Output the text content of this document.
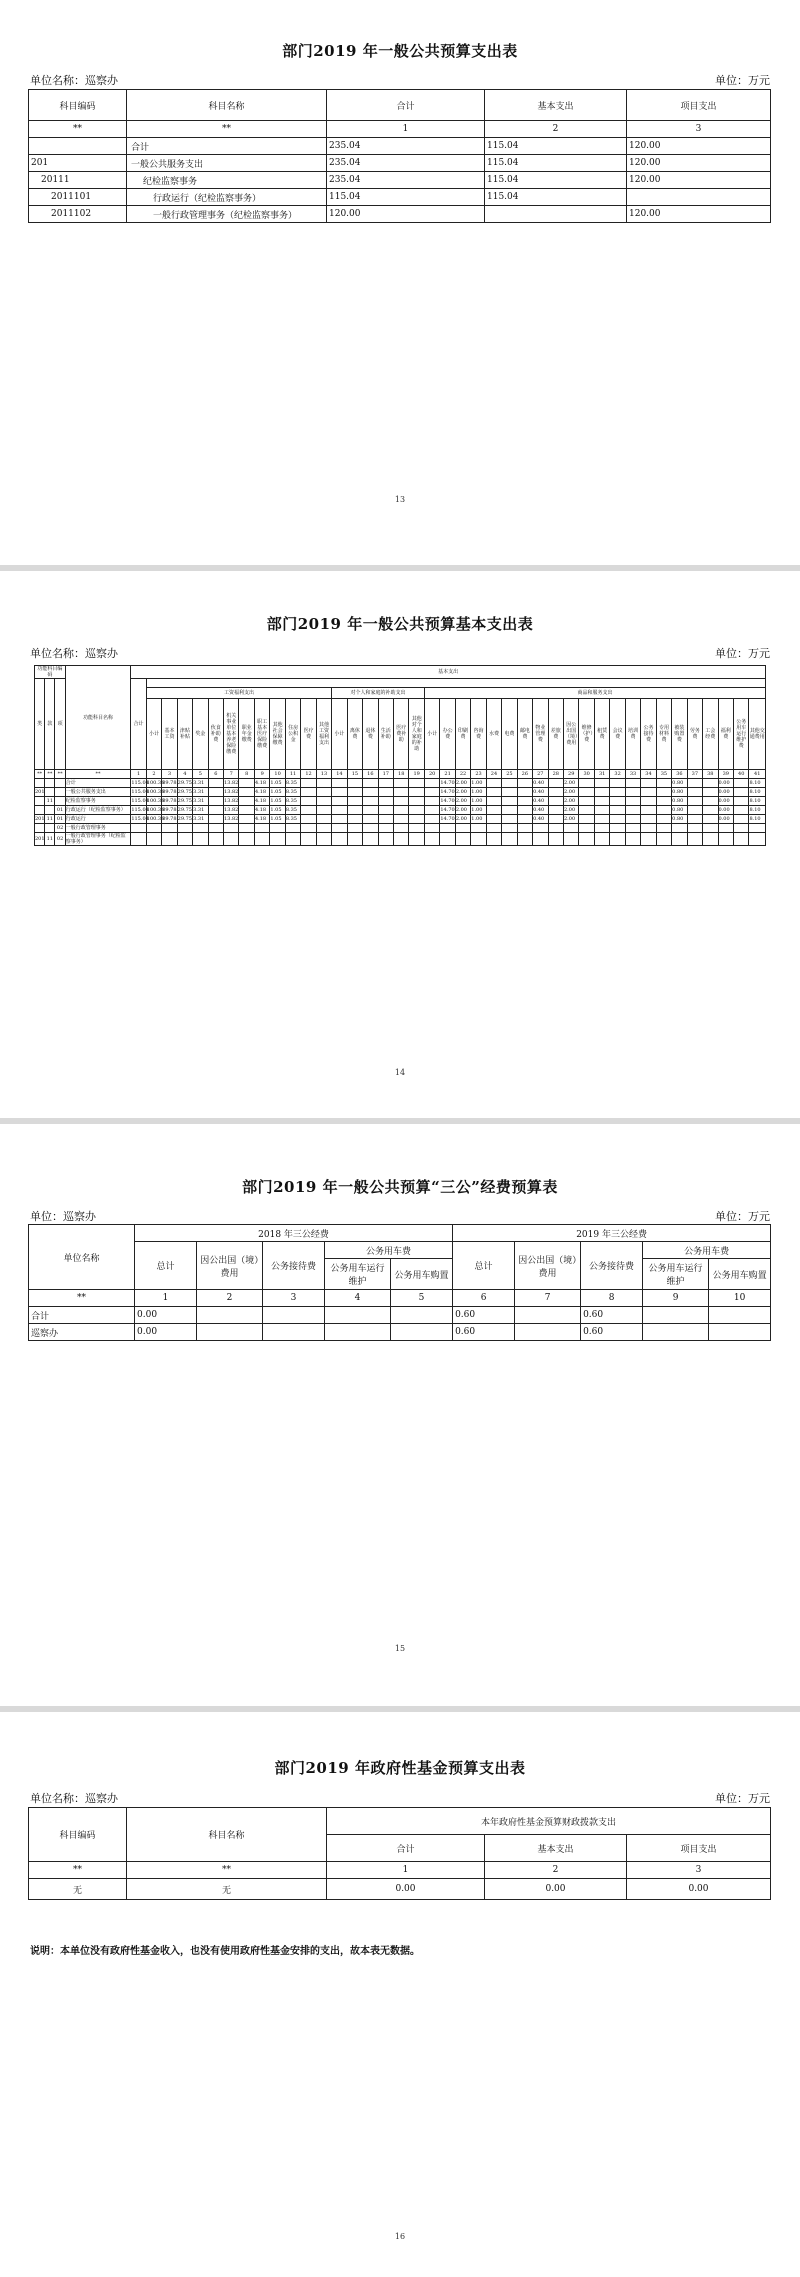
部门2019 年一般公共预算支出表
单位名称：巡察办	单位：万元
科目编码	科目名称	合计	基本支出	项目支出
**	**	1	2	3
	合计	235.04	115.04	120.00
201	一般公共服务支出	235.04	115.04	120.00
20111	纪检监察事务	235.04	115.04	120.00
2011101	行政运行（纪检监察事务）	115.04	115.04	
2011102	一般行政管理事务（纪检监察事务）	120.00		120.00
13
部门2019 年一般公共预算基本支出表
单位名称：巡察办	单位：万元
功能科目编码			功能科目名称	基本支出																																								
类	款	项		合计																																								
					工资福利支出												对个人和家庭的补助支出						商品和服务支出																					
					小计	基本工资	津贴补贴	奖金	伙食补助费	机关事业单位基本养老保险缴费	职业年金缴费	职工基本医疗保险缴费	其他社会保障缴费	住房公积金	医疗费	其他工资福利支出	小计	离休费	退休费	生活补助	医疗费补助	其他对个人和家庭的补助	小计	办公费	印刷费	咨询费	水费	电费	邮电费	物业管理费	差旅费	因公出国（境）费用	维修（护）费	租赁费	会议费	培训费	公务接待费	专用材料费	被装购置费	劳务费	工会经费	福利费	公务用车运行维护费	其他交通费用
**	**	**	**	1	2	3	4	5	6	7	8	9	10	11	12	13	14	15	16	17	18	19	20	21	22	23	24	25	26	27	28	29	30	31	32	33	34	35	36	37	38	39	40	41
			合计	115.04	100.34	39.78	29.75	3.31		13.82		4.18	1.05	8.35										14.70	2.00	1.00				0.40		2.00							0.80			0.00		8.10
201			一般公共服务支出	115.04	100.34	39.78	29.75	3.31		13.82		4.18	1.05	8.35										14.70	2.00	1.00				0.40		2.00							0.80			0.00		8.10
	11		纪检监察事务	115.04	100.34	39.78	29.75	3.31		13.82		4.18	1.05	8.35										14.70	2.00	1.00				0.40		2.00							0.80			0.00		8.10
		01	行政运行（纪检监察事务）	115.04	100.34	39.78	29.75	3.31		13.82		4.18	1.05	8.35										14.70	2.00	1.00				0.40		2.00							0.80			0.00		8.10
201	11	01	行政运行	115.04	100.34	39.78	29.75	3.31		13.82		4.18	1.05	8.35										14.70	2.00	1.00				0.40		2.00							0.80			0.00		8.10
		02	一般行政管理事务																																									
201	11	02	一般行政管理事务（纪检监察事务）																																									
14
部门2019 年一般公共预算“三公”经费预算表
单位：巡察办	单位：万元
单位名称	2018 年三公经费					2019 年三公经费				
	总计	因公出国（境）费用	公务接待费	公务用车费		总计	因公出国（境）费用	公务接待费	公务用车费	
				公务用车运行维护	公务用车购置				公务用车运行维护	公务用车购置
**	1	2	3	4	5	6	7	8	9	10
合计	0.00					0.60		0.60		
巡察办	0.00					0.60		0.60		
15
部门2019 年政府性基金预算支出表
单位名称：巡察办	单位：万元
科目编码	科目名称	本年政府性基金预算财政拨款支出		
		合计	基本支出	项目支出
**	**	1	2	3
无	无	0.00	0.00	0.00
说明：本单位没有政府性基金收入，也没有使用政府性基金安排的支出，故本表无数据。
16
